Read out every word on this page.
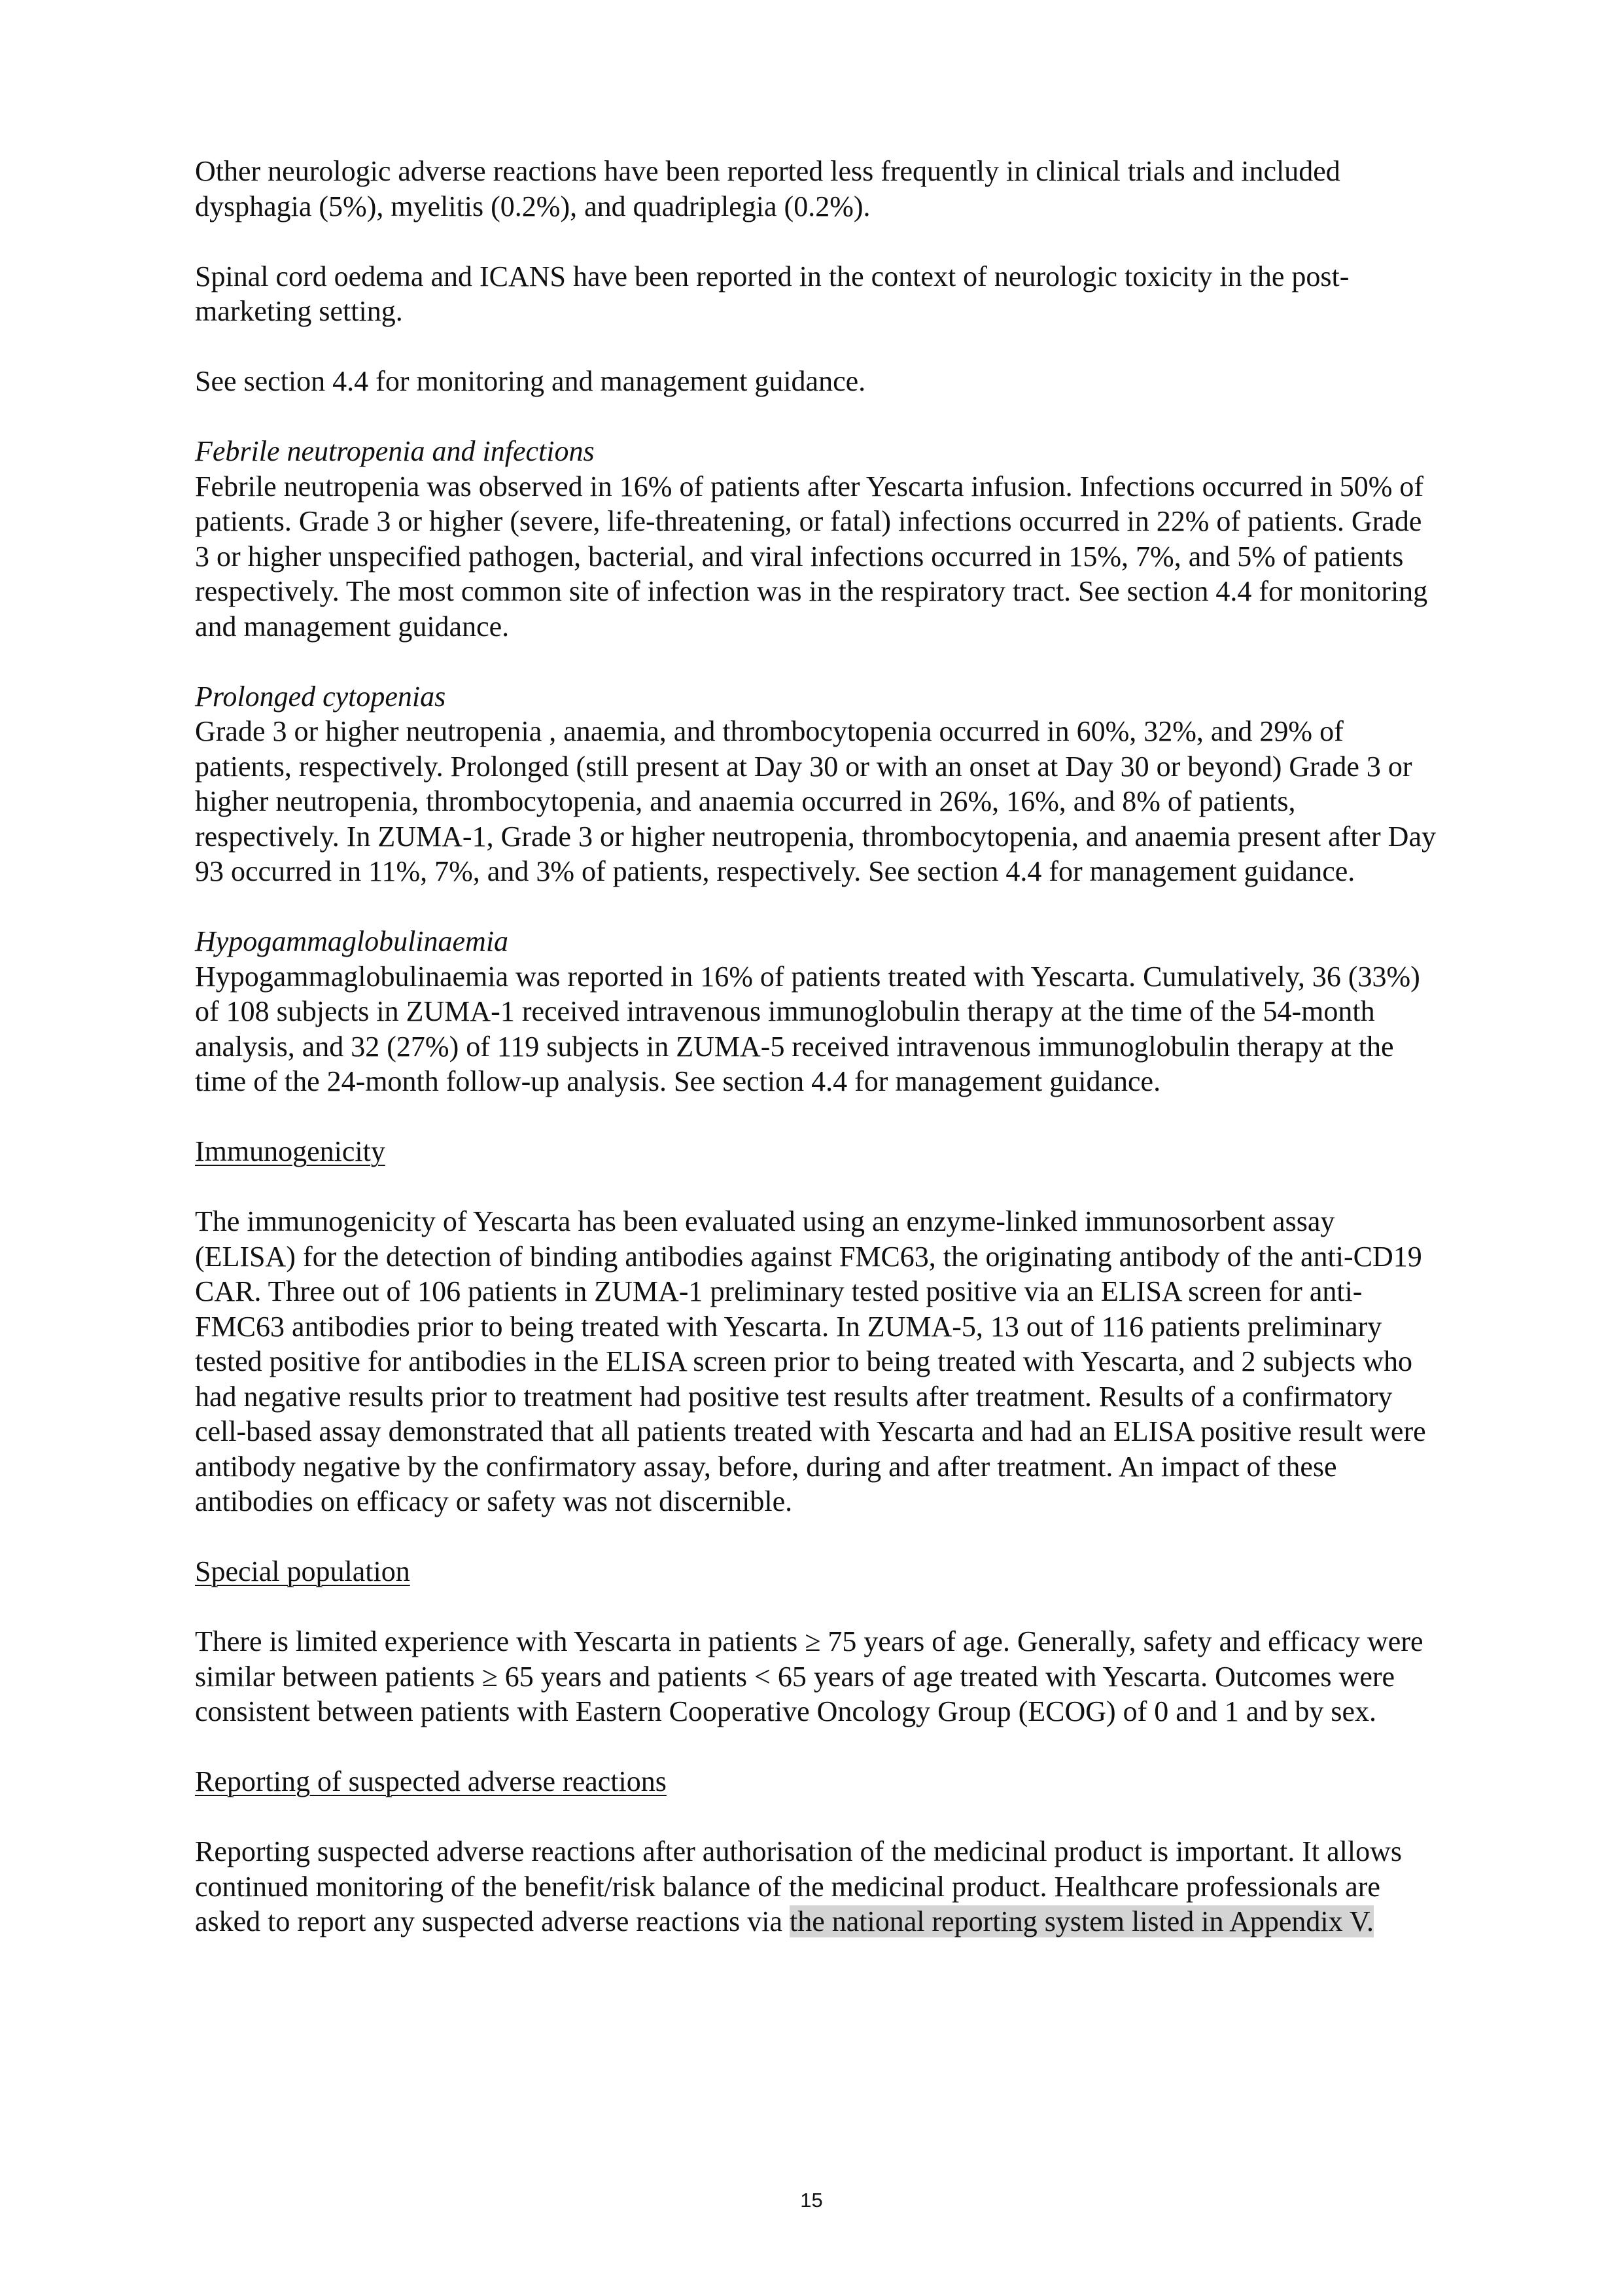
Other neurologic adverse reactions have been reported less frequently in clinical trials and included dysphagia (5%), myelitis (0.2%), and quadriplegia (0.2%).

Spinal cord oedema and ICANS have been reported in the context of neurologic toxicity in the post-marketing setting.

See section 4.4 for monitoring and management guidance.

Febrile neutropenia and infections
Febrile neutropenia was observed in 16% of patients after Yescarta infusion. Infections occurred in 50% of patients. Grade 3 or higher (severe, life-threatening, or fatal) infections occurred in 22% of patients. Grade 3 or higher unspecified pathogen, bacterial, and viral infections occurred in 15%, 7%, and 5% of patients respectively. The most common site of infection was in the respiratory tract. See section 4.4 for monitoring and management guidance.

Prolonged cytopenias
Grade 3 or higher neutropenia , anaemia, and thrombocytopenia occurred in 60%, 32%, and 29% of patients, respectively. Prolonged (still present at Day 30 or with an onset at Day 30 or beyond) Grade 3 or higher neutropenia, thrombocytopenia, and anaemia occurred in 26%, 16%, and 8% of patients, respectively. In ZUMA-1, Grade 3 or higher neutropenia, thrombocytopenia, and anaemia present after Day 93 occurred in 11%, 7%, and 3% of patients, respectively. See section 4.4 for management guidance.

Hypogammaglobulinaemia
Hypogammaglobulinaemia was reported in 16% of patients treated with Yescarta. Cumulatively, 36 (33%) of 108 subjects in ZUMA-1 received intravenous immunoglobulin therapy at the time of the 54-month analysis, and 32 (27%) of 119 subjects in ZUMA-5 received intravenous immunoglobulin therapy at the time of the 24-month follow-up analysis. See section 4.4 for management guidance.

Immunogenicity

The immunogenicity of Yescarta has been evaluated using an enzyme-linked immunosorbent assay (ELISA) for the detection of binding antibodies against FMC63, the originating antibody of the anti-CD19 CAR. Three out of 106 patients in ZUMA-1 preliminary tested positive via an ELISA screen for anti-FMC63 antibodies prior to being treated with Yescarta. In ZUMA-5, 13 out of 116 patients preliminary tested positive for antibodies in the ELISA screen prior to being treated with Yescarta, and 2 subjects who had negative results prior to treatment had positive test results after treatment. Results of a confirmatory cell-based assay demonstrated that all patients treated with Yescarta and had an ELISA positive result were antibody negative by the confirmatory assay, before, during and after treatment. An impact of these antibodies on efficacy or safety was not discernible.

Special population

There is limited experience with Yescarta in patients ≥ 75 years of age. Generally, safety and efficacy were similar between patients ≥ 65 years and patients < 65 years of age treated with Yescarta. Outcomes were consistent between patients with Eastern Cooperative Oncology Group (ECOG) of 0 and 1 and by sex.

Reporting of suspected adverse reactions

Reporting suspected adverse reactions after authorisation of the medicinal product is important. It allows continued monitoring of the benefit/risk balance of the medicinal product. Healthcare professionals are asked to report any suspected adverse reactions via the national reporting system listed in Appendix V.

15
